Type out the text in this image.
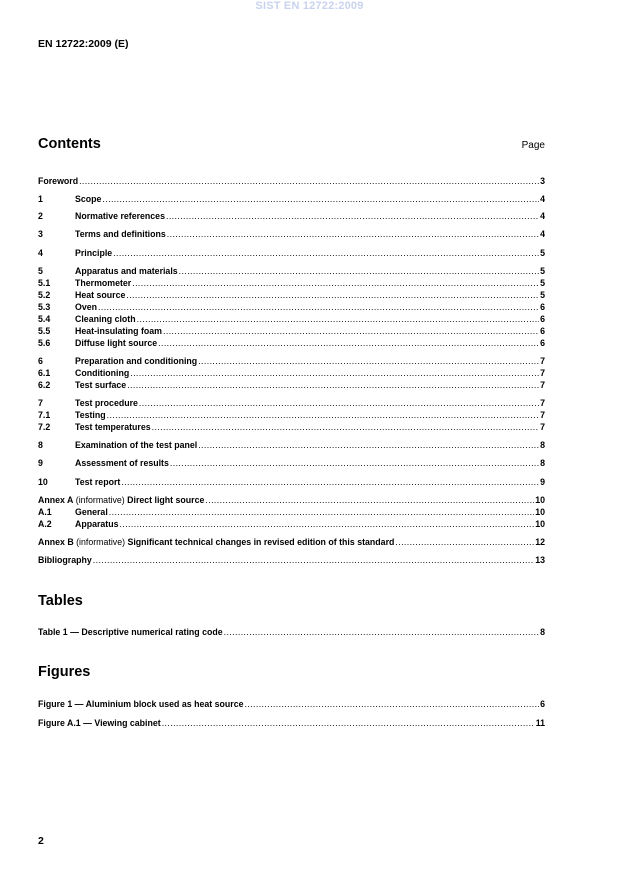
SIST EN 12722:2009
EN 12722:2009 (E)
Contents	Page
Foreword .....	3
1	Scope .....	4
2	Normative references .....	4
3	Terms and definitions .....	4
4	Principle .....	5
5	Apparatus and materials .....	5
5.1	Thermometer .....	5
5.2	Heat source .....	5
5.3	Oven .....	6
5.4	Cleaning cloth .....	6
5.5	Heat-insulating foam .....	6
5.6	Diffuse light source .....	6
6	Preparation and conditioning .....	7
6.1	Conditioning .....	7
6.2	Test surface .....	7
7	Test procedure .....	7
7.1	Testing .....	7
7.2	Test temperatures .....	7
8	Examination of the test panel .....	8
9	Assessment of results .....	8
10	Test report .....	9
Annex A (informative) Direct light source .....	10
A.1	General .....	10
A.2	Apparatus .....	10
Annex B (informative) Significant technical changes in revised edition of this standard .....	12
Bibliography .....	13
Tables
Table 1 — Descriptive numerical rating code .....	8
Figures
Figure 1 — Aluminium block used as heat source .....	6
Figure A.1 — Viewing cabinet .....	11
2
